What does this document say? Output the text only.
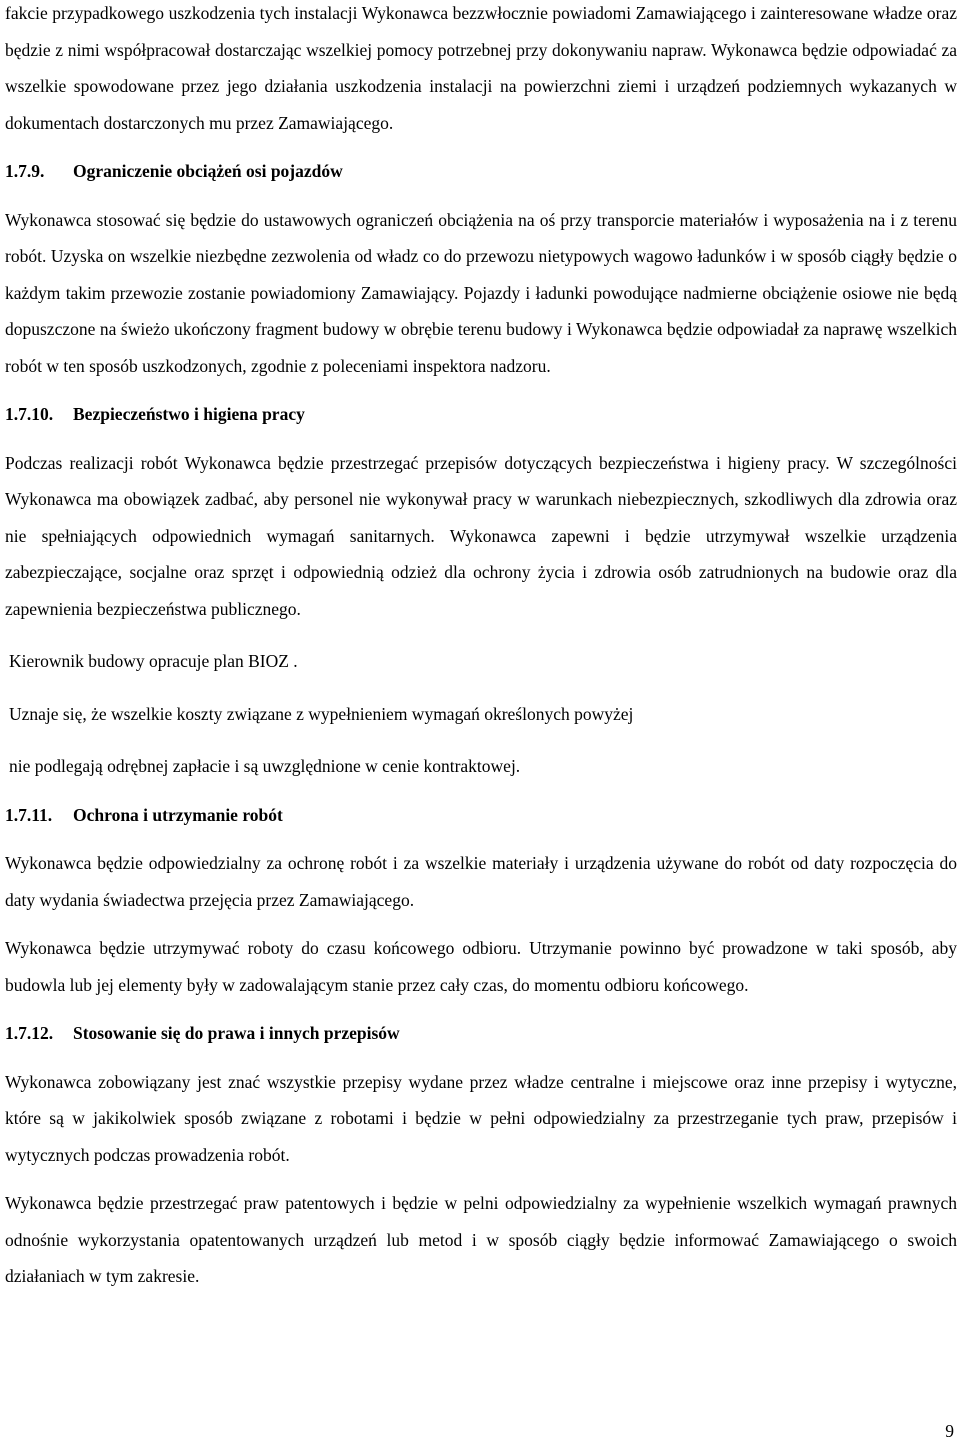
fakcie przypadkowego uszkodzenia tych instalacji Wykonawca bezzwłocznie powiadomi Zamawiającego i zainteresowane władze oraz będzie z nimi współpracował dostarczając wszelkiej pomocy potrzebnej przy dokonywaniu napraw. Wykonawca będzie odpowiadać za wszelkie spowodowane przez jego działania uszkodzenia instalacji na powierzchni ziemi i urządzeń podziemnych wykazanych w dokumentach dostarczonych mu przez Zamawiającego.

1.7.9. Ograniczenie obciążeń osi pojazdów

Wykonawca stosować się będzie do ustawowych ograniczeń obciążenia na oś przy transporcie materiałów i wyposażenia na i z terenu robót. Uzyska on wszelkie niezbędne zezwolenia od władz co do przewozu nietypowych wagowo ładunków i w sposób ciągły będzie o każdym takim przewozie zostanie powiadomiony Zamawiający. Pojazdy i ładunki powodujące nadmierne obciążenie osiowe nie będą dopuszczone na świeżo ukończony fragment budowy w obrębie terenu budowy i Wykonawca będzie odpowiadał za naprawę wszelkich robót w ten sposób uszkodzonych, zgodnie z poleceniami inspektora nadzoru.

1.7.10. Bezpieczeństwo i higiena pracy

Podczas realizacji robót Wykonawca będzie przestrzegać przepisów dotyczących bezpieczeństwa i higieny pracy. W szczególności Wykonawca ma obowiązek zadbać, aby personel nie wykonywał pracy w warunkach niebezpiecznych, szkodliwych dla zdrowia oraz nie spełniających odpowiednich wymagań sanitarnych. Wykonawca zapewni i będzie utrzymywał wszelkie urządzenia zabezpieczające, socjalne oraz sprzęt i odpowiednią odzież dla ochrony życia i zdrowia osób zatrudnionych na budowie oraz dla zapewnienia bezpieczeństwa publicznego.

Kierownik budowy opracuje plan BIOZ .

Uznaje się, że wszelkie koszty związane z wypełnieniem wymagań określonych powyżej

nie podlegają odrębnej zapłacie i są uwzględnione w cenie kontraktowej.

1.7.11. Ochrona i utrzymanie robót

Wykonawca będzie odpowiedzialny za ochronę robót i za wszelkie materiały i urządzenia używane do robót od daty rozpoczęcia do daty wydania świadectwa przejęcia przez Zamawiającego.

Wykonawca będzie utrzymywać roboty do czasu końcowego odbioru. Utrzymanie powinno być prowadzone w taki sposób, aby budowla lub jej elementy były w zadowalającym stanie przez cały czas, do momentu odbioru końcowego.

1.7.12. Stosowanie się do prawa i innych przepisów

Wykonawca zobowiązany jest znać wszystkie przepisy wydane przez władze centralne i miejscowe oraz inne przepisy i wytyczne, które są w jakikolwiek sposób związane z robotami i będzie w pełni odpowiedzialny za przestrzeganie tych praw, przepisów i wytycznych podczas prowadzenia robót.

Wykonawca będzie przestrzegać praw patentowych i będzie w pelni odpowiedzialny za wypełnienie wszelkich wymagań prawnych odnośnie wykorzystania opatentowanych urządzeń lub metod i w sposób ciągły będzie informować Zamawiającego o swoich działaniach w tym zakresie.

9
